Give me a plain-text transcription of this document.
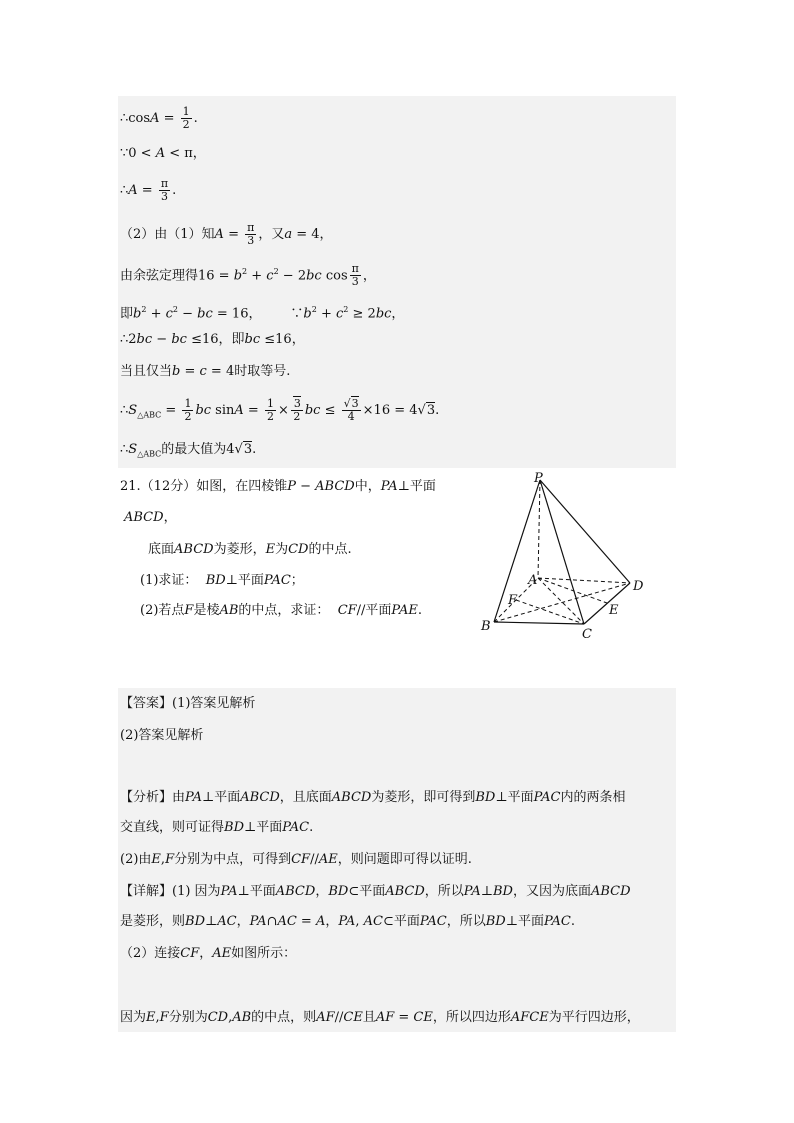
∴cosA = $\frac{1}{2}$ .
∵0 < A < π，
∴A = $\frac{\pi}{3}$ .
（2）由（1）知$A = \frac{\pi}{3}$ ，又a = 4，
由余弦定理得$16 = b^2 + c^2 - 2bc$ $\cos \frac{\pi}{3}$ ，
即$b^2 + c^2$ − bc = 16，       $\because b^2 + c^2 \ge 2bc$，
∴2bc − bc ≤16，即bc ≤16，
当且仅当b = c = 4时取等号.
$\therefore S_{\triangle ABC} = \frac{1}{2}$ bc $\sin A = \frac{1}{2} \times \frac{3}{2}$ bc ≤ $\frac{√3}{4} \times 16 = 4√3$.
$\therefore S_{\triangle ABC}$的最大值为4√3.
21.（12分）如图，在四棱锥P − ABCD中，PA⊥平面
ABCD，
底面ABCD为菱形，E为CD的中点.
(1)求证：  BD⊥平面PAC；
(2)若点F是棱AB的中点，求证：  CF//平面PAE.
P
A	D
F
E
B
C
【答案】(1)答案见解析
(2)答案见解析
【分析】由PA⊥平面ABCD，且底面ABCD为菱形，即可得到BD⊥平面PAC内的两条相
交直线，则可证得BD⊥平面PAC.
(2)由E,F分别为中点，可得到CF//AE，则问题即可得以证明.
【详解】(1) 因为PA⊥平面ABCD，BD⊂平面ABCD，所以PA⊥BD，又因为底面ABCD
是菱形，则BD⊥AC，PA∩AC = A，PA, AC⊂平面PAC，所以BD⊥平面PAC.
（2）连接CF，AE如图所示：
因为E,F分别为CD,AB的中点，则AF//CE且AF = CE，所以四边形AFCE为平行四边形，
